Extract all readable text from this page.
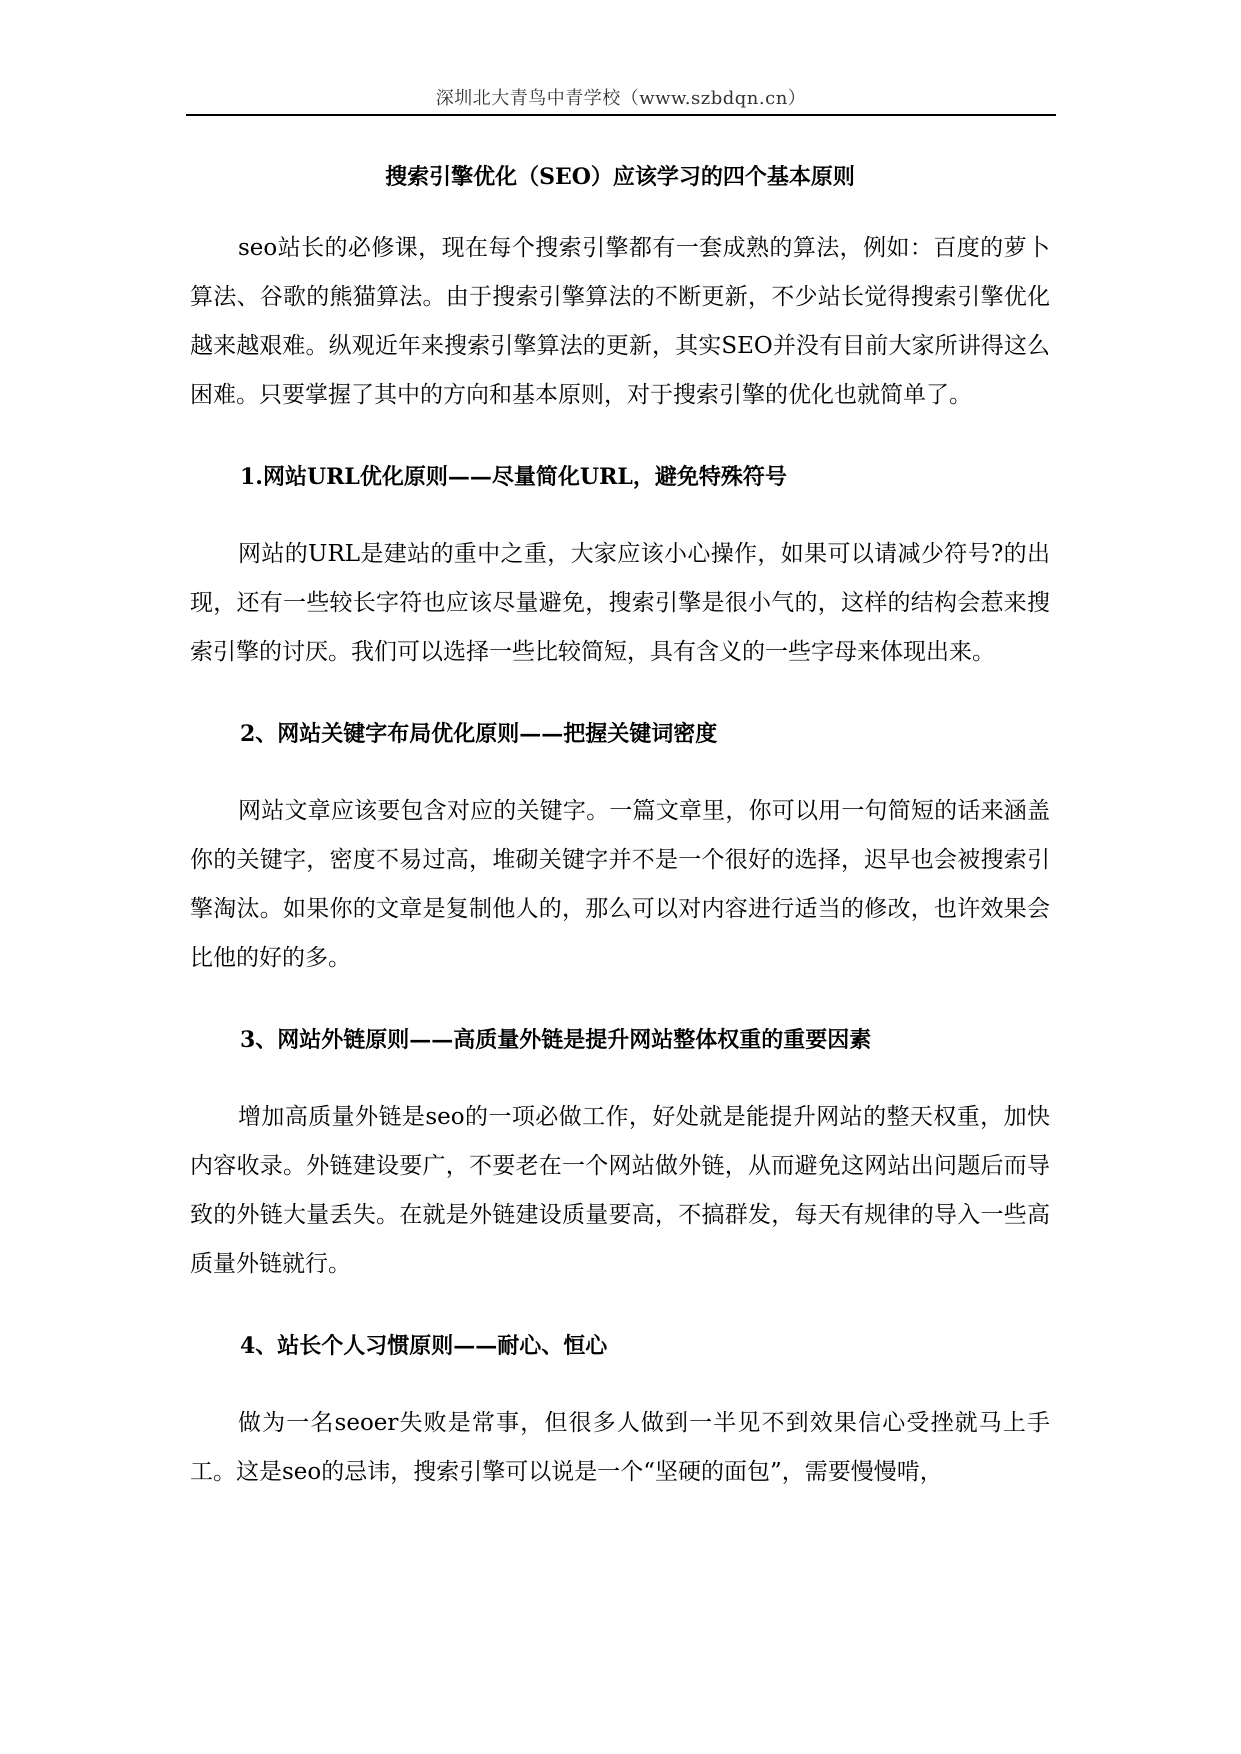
深圳北大青鸟中青学校（www.szbdqn.cn）
搜索引擎优化（SEO）应该学习的四个基本原则

seo站长的必修课，现在每个搜索引擎都有一套成熟的算法，例如：百度的萝卜算法、谷歌的熊猫算法。由于搜索引擎算法的不断更新，不少站长觉得搜索引擎优化越来越艰难。纵观近年来搜索引擎算法的更新，其实SEO并没有目前大家所讲得这么困难。只要掌握了其中的方向和基本原则，对于搜索引擎的优化也就简单了。

1.网站URL优化原则——尽量简化URL，避免特殊符号

网站的URL是建站的重中之重，大家应该小心操作，如果可以请减少符号?的出现，还有一些较长字符也应该尽量避免，搜索引擎是很小气的，这样的结构会惹来搜索引擎的讨厌。我们可以选择一些比较简短，具有含义的一些字母来体现出来。

2、网站关键字布局优化原则——把握关键词密度

网站文章应该要包含对应的关键字。一篇文章里，你可以用一句简短的话来涵盖你的关键字，密度不易过高，堆砌关键字并不是一个很好的选择，迟早也会被搜索引擎淘汰。如果你的文章是复制他人的，那么可以对内容进行适当的修改，也许效果会比他的好的多。

3、网站外链原则——高质量外链是提升网站整体权重的重要因素

增加高质量外链是seo的一项必做工作，好处就是能提升网站的整天权重，加快内容收录。外链建设要广，不要老在一个网站做外链，从而避免这网站出问题后而导致的外链大量丢失。在就是外链建设质量要高，不搞群发，每天有规律的导入一些高质量外链就行。

4、站长个人习惯原则——耐心、恒心

做为一名seoer失败是常事，但很多人做到一半见不到效果信心受挫就马上手工。这是seo的忌讳，搜索引擎可以说是一个“坚硬的面包”，需要慢慢啃，
